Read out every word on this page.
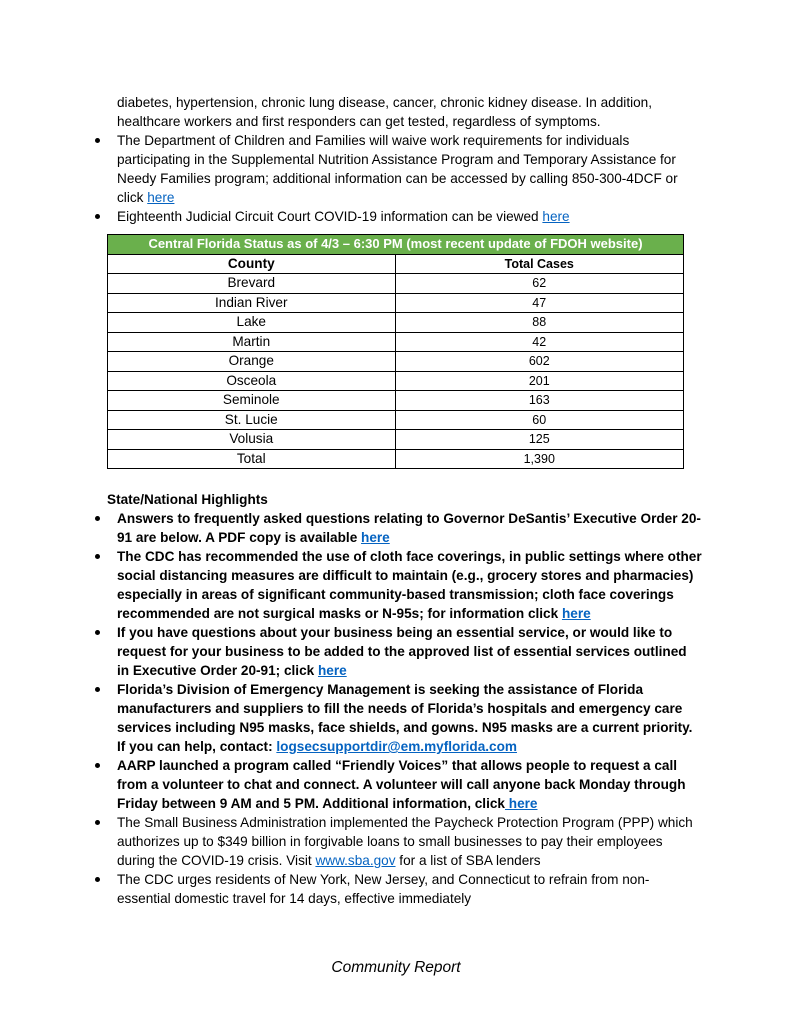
diabetes, hypertension, chronic lung disease, cancer, chronic kidney disease. In addition, healthcare workers and first responders can get tested, regardless of symptoms.

The Department of Children and Families will waive work requirements for individuals participating in the Supplemental Nutrition Assistance Program and Temporary Assistance for Needy Families program; additional information can be accessed by calling 850-300-4DCF or click here
Eighteenth Judicial Circuit Court COVID-19 information can be viewed here
Central Florida Status as of 4/3 – 6:30 PM (most recent update of FDOH website)	
County	Total Cases
Brevard	62
Indian River	47
Lake	88
Martin	42
Orange	602
Osceola	201
Seminole	163
St. Lucie	60
Volusia	125
Total	1,390

State/National Highlights

Answers to frequently asked questions relating to Governor DeSantis’ Executive Order 20-91 are below. A PDF copy is available here
The CDC has recommended the use of cloth face coverings, in public settings where other social distancing measures are difficult to maintain (e.g., grocery stores and pharmacies) especially in areas of significant community-based transmission; cloth face coverings recommended are not surgical masks or N-95s; for information click here
If you have questions about your business being an essential service, or would like to request for your business to be added to the approved list of essential services outlined in Executive Order 20-91; click here
Florida’s Division of Emergency Management is seeking the assistance of Florida manufacturers and suppliers to fill the needs of Florida’s hospitals and emergency care services including N95 masks, face shields, and gowns. N95 masks are a current priority. If you can help, contact: logsecsupportdir@em.myflorida.com
AARP launched a program called “Friendly Voices” that allows people to request a call from a volunteer to chat and connect. A volunteer will call anyone back Monday through Friday between 9 AM and 5 PM. Additional information, click here
The Small Business Administration implemented the Paycheck Protection Program (PPP) which authorizes up to $349 billion in forgivable loans to small businesses to pay their employees during the COVID-19 crisis. Visit www.sba.gov for a list of SBA lenders
The CDC urges residents of New York, New Jersey, and Connecticut to refrain from non-essential domestic travel for 14 days, effective immediately
Community Report
